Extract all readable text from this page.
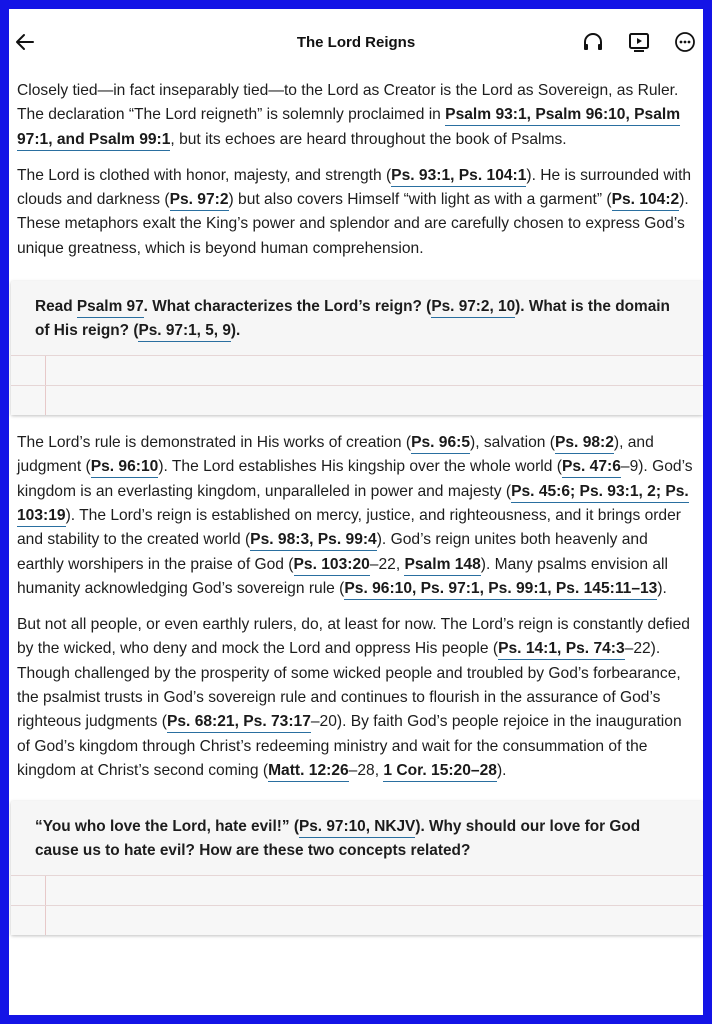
The Lord Reigns

Closely tied—in fact inseparably tied—to the Lord as Creator is the Lord as Sovereign, as Ruler. The declaration “The Lord reigneth” is solemnly proclaimed in Psalm 93:1, Psalm 96:10, Psalm 97:1, and Psalm 99:1, but its echoes are heard throughout the book of Psalms.

The Lord is clothed with honor, majesty, and strength (Ps. 93:1, Ps. 104:1). He is surrounded with clouds and darkness (Ps. 97:2) but also covers Himself “with light as with a garment” (Ps. 104:2). These metaphors exalt the King’s power and splendor and are carefully chosen to express God’s unique greatness, which is beyond human comprehension.

Read Psalm 97. What characterizes the Lord’s reign? (Ps. 97:2, 10). What is the domain of His reign? (Ps. 97:1, 5, 9).

The Lord’s rule is demonstrated in His works of creation (Ps. 96:5), salvation (Ps. 98:2), and judgment (Ps. 96:10). The Lord establishes His kingship over the whole world (Ps. 47:6–9). God’s kingdom is an everlasting kingdom, unparalleled in power and majesty (Ps. 45:6; Ps. 93:1, 2; Ps. 103:19). The Lord’s reign is established on mercy, justice, and righteousness, and it brings order and stability to the created world (Ps. 98:3, Ps. 99:4). God’s reign unites both heavenly and earthly worshipers in the praise of God (Ps. 103:20–22, Psalm 148). Many psalms envision all humanity acknowledging God’s sovereign rule (Ps. 96:10, Ps. 97:1, Ps. 99:1, Ps. 145:11–13).

But not all people, or even earthly rulers, do, at least for now. The Lord’s reign is constantly defied by the wicked, who deny and mock the Lord and oppress His people (Ps. 14:1, Ps. 74:3–22). Though challenged by the prosperity of some wicked people and troubled by God’s forbearance, the psalmist trusts in God’s sovereign rule and continues to flourish in the assurance of God’s righteous judgments (Ps. 68:21, Ps. 73:17–20). By faith God’s people rejoice in the inauguration of God’s kingdom through Christ’s redeeming ministry and wait for the consummation of the kingdom at Christ’s second coming (Matt. 12:26–28, 1 Cor. 15:20–28).

“You who love the Lord, hate evil!” (Ps. 97:10, NKJV). Why should our love for God cause us to hate evil? How are these two concepts related?
